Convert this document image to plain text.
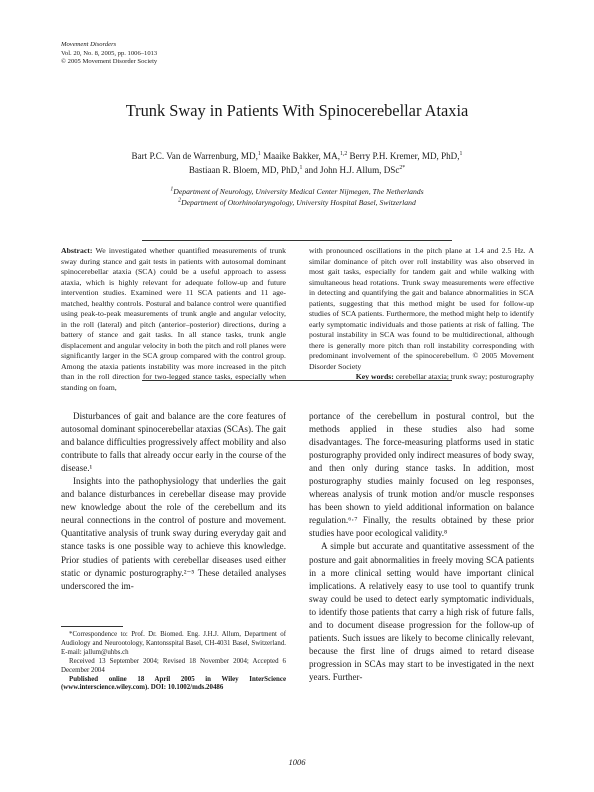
Movement Disorders
Vol. 20, No. 8, 2005, pp. 1006–1013
© 2005 Movement Disorder Society
Trunk Sway in Patients With Spinocerebellar Ataxia
Bart P.C. Van de Warrenburg, MD,$^1$ Maaike Bakker, MA,$^{1,2}$ Berry P.H. Kremer, MD, PhD,$^1$
Bastiaan R. Bloem, MD, PhD,$^1$ and John H.J. Allum, DSc$^{2*}$
$^1$Department of Neurology, University Medical Center Nijmegen, The Netherlands
$^2$Department of Otorhinolaryngology, University Hospital Basel, Switzerland
Abstract: We investigated whether quantified measurements of trunk sway during stance and gait tests in patients with autosomal dominant spinocerebellar ataxia (SCA) could be a useful approach to assess ataxia, which is highly relevant for adequate follow-up and future intervention studies. Examined were 11 SCA patients and 11 age-matched, healthy controls. Postural and balance control were quantified using peak-to-peak measurements of trunk angle and angular velocity, in the roll (lateral) and pitch (anterior–posterior) directions, during a battery of stance and gait tasks. In all stance tasks, trunk angle displacement and angular velocity in both the pitch and roll planes were significantly larger in the SCA group compared with the control group. Among the ataxia patients instability was more increased in the pitch than in the roll direction for two-legged stance tasks, especially when standing on foam,
with pronounced oscillations in the pitch plane at 1.4 and 2.5 Hz. A similar dominance of pitch over roll instability was also observed in most gait tasks, especially for tandem gait and while walking with simultaneous head rotations. Trunk sway measurements were effective in detecting and quantifying the gait and balance abnormalities in SCA patients, suggesting that this method might be used for follow-up studies of SCA patients. Furthermore, the method might help to identify early symptomatic individuals and those patients at risk of falling. The postural instability in SCA was found to be multidirectional, although there is generally more pitch than roll instability corresponding with predominant involvement of the spinocerebellum. © 2005 Movement Disorder Society
Key words: cerebellar ataxia; trunk sway; posturography

Disturbances of gait and balance are the core features of autosomal dominant spinocerebellar ataxias (SCAs). The gait and balance difficulties progressively affect mobility and also contribute to falls that already occur early in the course of the disease.¹

Insights into the pathophysiology that underlies the gait and balance disturbances in cerebellar disease may provide new knowledge about the role of the cerebellum and its neural connections in the control of posture and movement. Quantitative analysis of trunk sway during everyday gait and stance tasks is one possible way to achieve this knowledge. Prior studies of patients with cerebellar diseases used either static or dynamic posturography.²⁻⁵ These detailed analyses underscored the im-

portance of the cerebellum in postural control, but the methods applied in these studies also had some disadvantages. The force-measuring platforms used in static posturography provided only indirect measures of body sway, and then only during stance tasks. In addition, most posturography studies mainly focused on leg responses, whereas analysis of trunk motion and/or muscle responses has been shown to yield additional information on balance regulation.⁶·⁷ Finally, the results obtained by these prior studies have poor ecological validity.⁸

A simple but accurate and quantitative assessment of the posture and gait abnormalities in freely moving SCA patients in a more clinical setting would have important clinical implications. A relatively easy to use tool to quantify trunk sway could be used to detect early symptomatic individuals, to identify those patients that carry a high risk of future falls, and to document disease progression for the follow-up of patients. Such issues are likely to become clinically relevant, because the first line of drugs aimed to retard disease progression in SCAs may start to be investigated in the next years. Further-

*Correspondence to: Prof. Dr. Biomed. Eng. J.H.J. Allum, Department of Audiology and Neurootology, Kantonsspital Basel, CH-4031 Basel, Switzerland. E-mail: jallum@uhbs.ch

Received 13 September 2004; Revised 18 November 2004; Accepted 6 December 2004

Published online 18 April 2005 in Wiley InterScience (www.interscience.wiley.com). DOI: 10.1002/mds.20486

1006
